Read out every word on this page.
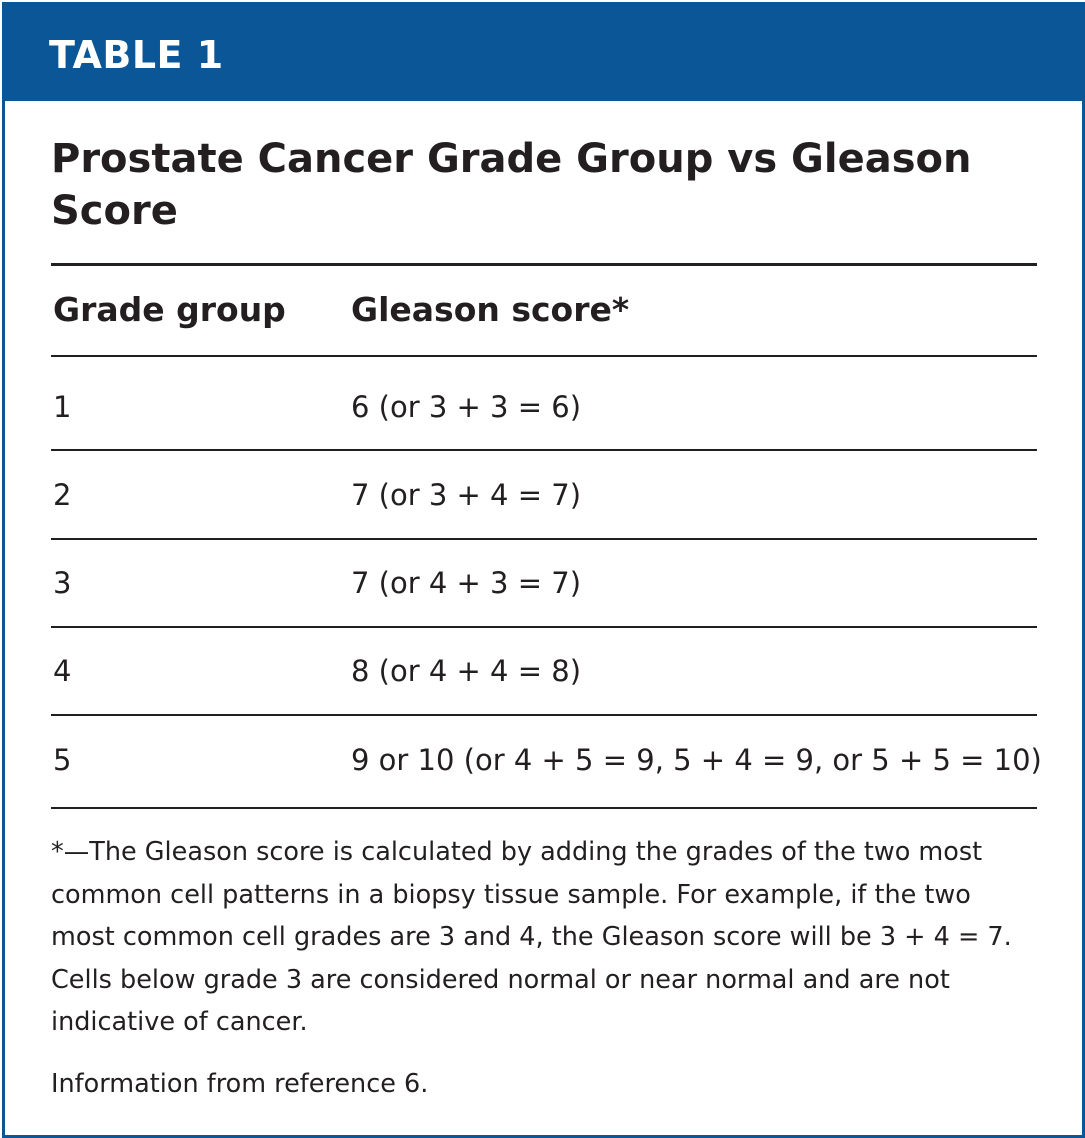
TABLE 1
Prostate Cancer Grade Group vs Gleason Score
Grade group Gleason score*
1	6 (or 3 + 3 = 6)
2	7 (or 3 + 4 = 7)
3	7 (or 4 + 3 = 7)
4	8 (or 4 + 4 = 8)
5	9 or 10 (or 4 + 5 = 9, 5 + 4 = 9, or 5 + 5 = 10)

*—The Gleason score is calculated by adding the grades of the two most common cell patterns in a biopsy tissue sample. For example, if the two most common cell grades are 3 and 4, the Gleason score will be 3 + 4 = 7. Cells below grade 3 are considered normal or near normal and are not indicative of cancer.

Information from reference 6.
